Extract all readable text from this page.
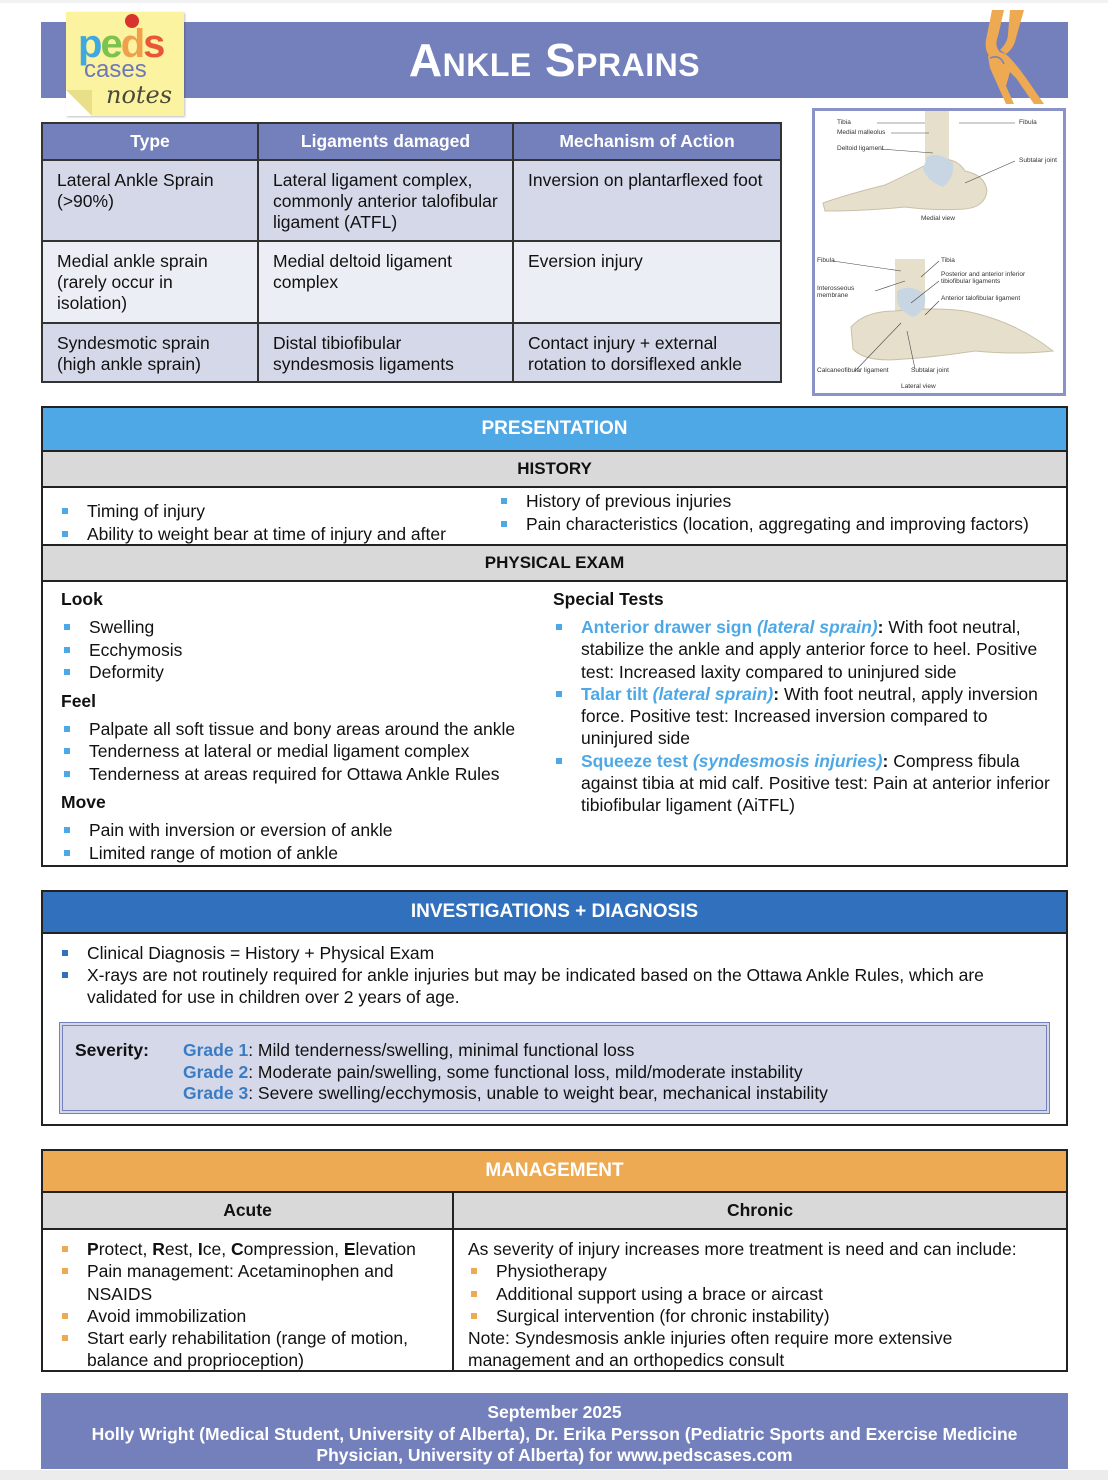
Ankle Sprains
peds
cases
notes
Type	Ligaments damaged	Mechanism of Action
Lateral Ankle Sprain (>90%)	Lateral ligament complex, commonly anterior talofibular ligament (ATFL)	Inversion on plantarflexed foot
Medial ankle sprain (rarely occur in isolation)	Medial deltoid ligament complex	Eversion injury
Syndesmotic sprain (high ankle sprain)	Distal tibiofibular syndesmosis ligaments	Contact injury + external rotation to dorsiflexed ankle
Tibia
Medial malleolus
Deltoid ligament
Fibula
Subtalar joint
Medial view
Fibula	Tibia
Interosseous membrane
Posterior and anterior inferior tibiofibular ligaments
Anterior talofibular ligament
Calcaneofibular ligament	Subtalar joint
Lateral view
PRESENTATION
HISTORY
Timing of injury
Ability to weight bear at time of injury and after
History of previous injuries
Pain characteristics (location, aggregating and improving factors)
PHYSICAL EXAM
Look
Swelling
Ecchymosis
Deformity
Feel
Palpate all soft tissue and bony areas around the ankle
Tenderness at lateral or medial ligament complex
Tenderness at areas required for Ottawa Ankle Rules
Move
Pain with inversion or eversion of ankle
Limited range of motion of ankle
Special Tests
Anterior drawer sign (lateral sprain): With foot neutral, stabilize the ankle and apply anterior force to heel. Positive test: Increased laxity compared to uninjured side
Talar tilt (lateral sprain): With foot neutral, apply inversion force. Positive test: Increased inversion compared to uninjured side
Squeeze test (syndesmosis injuries): Compress fibula against tibia at mid calf. Positive test: Pain at anterior inferior tibiofibular ligament (AiTFL)
INVESTIGATIONS + DIAGNOSIS
Clinical Diagnosis = History + Physical Exam
X-rays are not routinely required for ankle injuries but may be indicated based on the Ottawa Ankle Rules, which are validated for use in children over 2 years of age.
Severity:	Grade 1: Mild tenderness/swelling, minimal functional loss
Grade 2: Moderate pain/swelling, some functional loss, mild/moderate instability
Grade 3: Severe swelling/ecchymosis, unable to weight bear, mechanical instability
MANAGEMENT
Acute	Chronic
Protect, Rest, Ice, Compression, Elevation
Pain management: Acetaminophen and NSAIDS
Avoid immobilization
Start early rehabilitation (range of motion, balance and proprioception)

As severity of injury increases more treatment is need and can include:

Physiotherapy
Additional support using a brace or aircast
Surgical intervention (for chronic instability)

Note: Syndesmosis ankle injuries often require more extensive management and an orthopedics consult

September 2025
Holly Wright (Medical Student, University of Alberta), Dr. Erika Persson (Pediatric Sports and Exercise Medicine
Physician, University of Alberta) for www.pedscases.com
